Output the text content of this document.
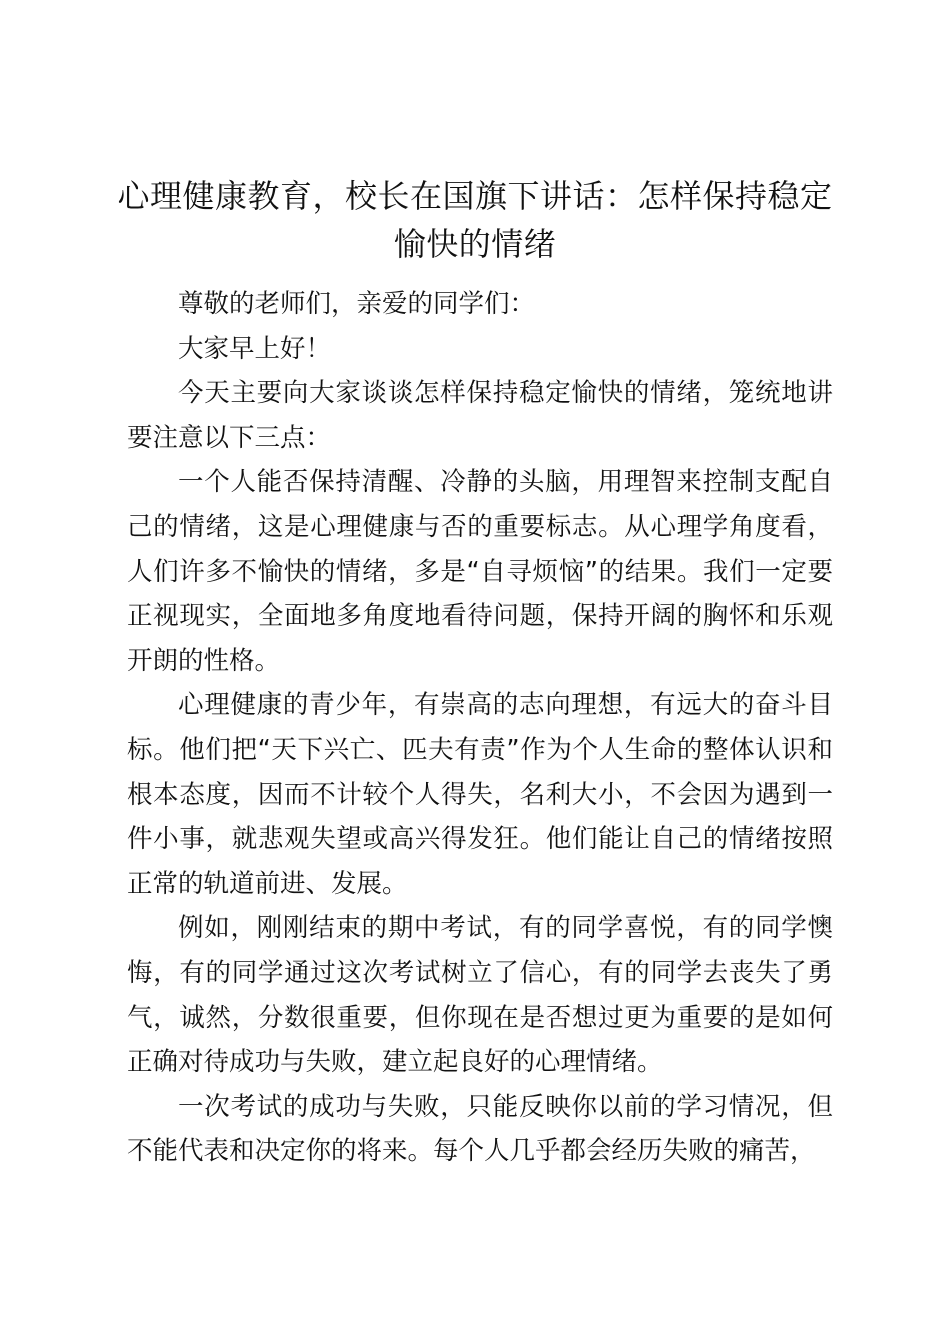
心理健康教育，校长在国旗下讲话：怎样保持稳定愉快的情绪

尊敬的老师们，亲爱的同学们：

大家早上好！

今天主要向大家谈谈怎样保持稳定愉快的情绪，笼统地讲要注意以下三点：

一个人能否保持清醒、冷静的头脑，用理智来控制支配自己的情绪，这是心理健康与否的重要标志。从心理学角度看，人们许多不愉快的情绪，多是“自寻烦恼”的结果。我们一定要正视现实，全面地多角度地看待问题，保持开阔的胸怀和乐观开朗的性格。

心理健康的青少年，有崇高的志向理想，有远大的奋斗目标。他们把“天下兴亡、匹夫有责”作为个人生命的整体认识和根本态度，因而不计较个人得失，名利大小，不会因为遇到一件小事，就悲观失望或高兴得发狂。他们能让自己的情绪按照正常的轨道前进、发展。

例如，刚刚结束的期中考试，有的同学喜悦，有的同学懊悔，有的同学通过这次考试树立了信心，有的同学去丧失了勇气，诚然，分数很重要，但你现在是否想过更为重要的是如何正确对待成功与失败，建立起良好的心理情绪。

一次考试的成功与失败，只能反映你以前的学习情况，但不能代表和决定你的将来。每个人几乎都会经历失败的痛苦，
